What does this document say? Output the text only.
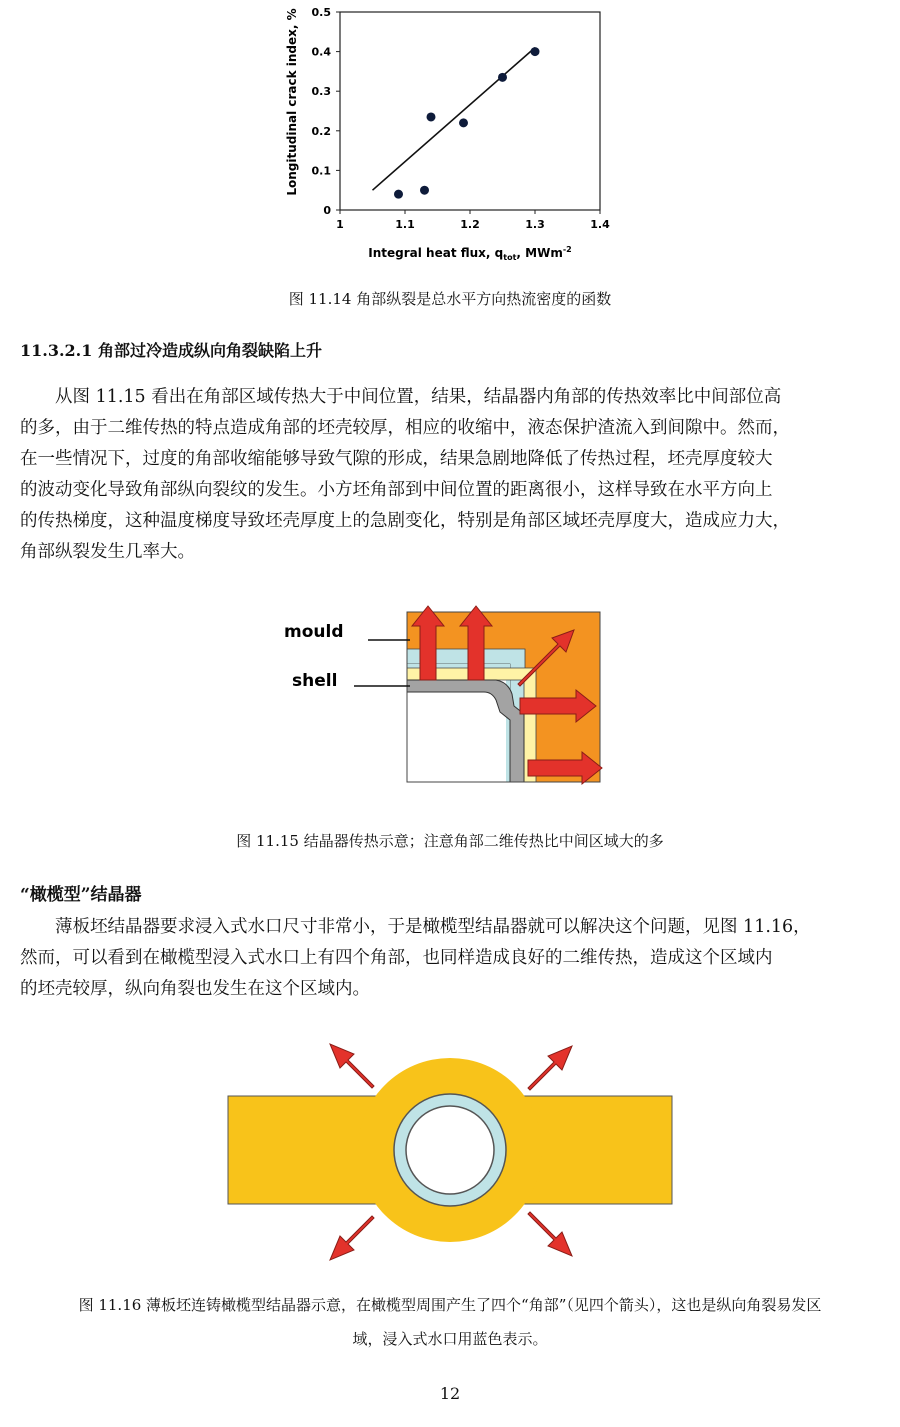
1	1.1	1.2	1.3	1.4
0
0.1
0.2
0.3
0.4
0.5
Longitudinal crack index, %
Integral heat flux, $q_{tot}$, MWm$^{-2}$
图 11.14 角部纵裂是总水平方向热流密度的函数
11.3.2.1 角部过冷造成纵向角裂缺陷上升
从图 11.15 看出在角部区域传热大于中间位置，结果，结晶器内角部的传热效率比中间部位高
的多，由于二维传热的特点造成角部的坯壳较厚，相应的收缩中，液态保护渣流入到间隙中。然而，
在一些情况下，过度的角部收缩能够导致气隙的形成，结果急剧地降低了传热过程，坯壳厚度较大
的波动变化导致角部纵向裂纹的发生。小方坯角部到中间位置的距离很小，这样导致在水平方向上
的传热梯度，这种温度梯度导致坯壳厚度上的急剧变化，特别是角部区域坯壳厚度大，造成应力大，
角部纵裂发生几率大。
mould
shell
图 11.15 结晶器传热示意；注意角部二维传热比中间区域大的多
“橄榄型”结晶器
薄板坯结晶器要求浸入式水口尺寸非常小，于是橄榄型结晶器就可以解决这个问题，见图 11.16，
然而，可以看到在橄榄型浸入式水口上有四个角部，也同样造成良好的二维传热，造成这个区域内
的坯壳较厚，纵向角裂也发生在这个区域内。
图 11.16 薄板坯连铸橄榄型结晶器示意，在橄榄型周围产生了四个“角部”（见四个箭头），这也是纵向角裂易发区
域，浸入式水口用蓝色表示。
12
